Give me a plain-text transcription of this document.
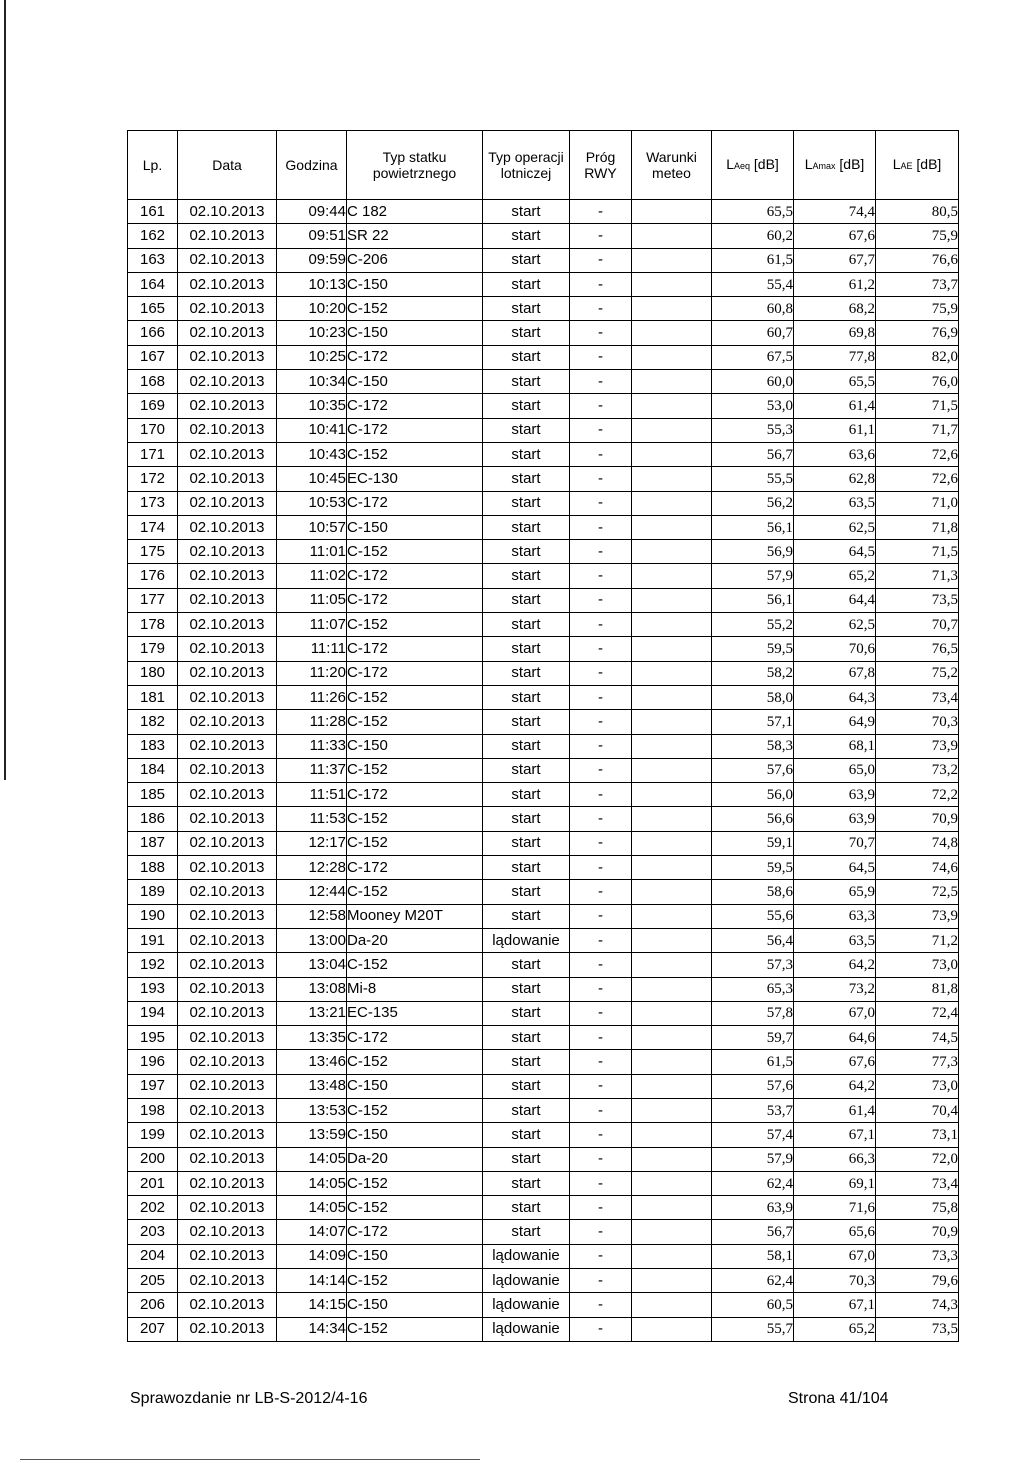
Lp.	Data	Godzina	Typ statku powietrznego	Typ operacji lotniczej	Próg RWY	Warunki meteo	LAeq [dB]	LAmax [dB]	LAE [dB]
161	02.10.2013	09:44	C 182	start	-		65,5	74,4	80,5
162	02.10.2013	09:51	SR 22	start	-		60,2	67,6	75,9
163	02.10.2013	09:59	C-206	start	-		61,5	67,7	76,6
164	02.10.2013	10:13	C-150	start	-		55,4	61,2	73,7
165	02.10.2013	10:20	C-152	start	-		60,8	68,2	75,9
166	02.10.2013	10:23	C-150	start	-		60,7	69,8	76,9
167	02.10.2013	10:25	C-172	start	-		67,5	77,8	82,0
168	02.10.2013	10:34	C-150	start	-		60,0	65,5	76,0
169	02.10.2013	10:35	C-172	start	-		53,0	61,4	71,5
170	02.10.2013	10:41	C-172	start	-		55,3	61,1	71,7
171	02.10.2013	10:43	C-152	start	-		56,7	63,6	72,6
172	02.10.2013	10:45	EC-130	start	-		55,5	62,8	72,6
173	02.10.2013	10:53	C-172	start	-		56,2	63,5	71,0
174	02.10.2013	10:57	C-150	start	-		56,1	62,5	71,8
175	02.10.2013	11:01	C-152	start	-		56,9	64,5	71,5
176	02.10.2013	11:02	C-172	start	-		57,9	65,2	71,3
177	02.10.2013	11:05	C-172	start	-		56,1	64,4	73,5
178	02.10.2013	11:07	C-152	start	-		55,2	62,5	70,7
179	02.10.2013	11:11	C-172	start	-		59,5	70,6	76,5
180	02.10.2013	11:20	C-172	start	-		58,2	67,8	75,2
181	02.10.2013	11:26	C-152	start	-		58,0	64,3	73,4
182	02.10.2013	11:28	C-152	start	-		57,1	64,9	70,3
183	02.10.2013	11:33	C-150	start	-		58,3	68,1	73,9
184	02.10.2013	11:37	C-152	start	-		57,6	65,0	73,2
185	02.10.2013	11:51	C-172	start	-		56,0	63,9	72,2
186	02.10.2013	11:53	C-152	start	-		56,6	63,9	70,9
187	02.10.2013	12:17	C-152	start	-		59,1	70,7	74,8
188	02.10.2013	12:28	C-172	start	-		59,5	64,5	74,6
189	02.10.2013	12:44	C-152	start	-		58,6	65,9	72,5
190	02.10.2013	12:58	Mooney M20T	start	-		55,6	63,3	73,9
191	02.10.2013	13:00	Da-20	lądowanie	-		56,4	63,5	71,2
192	02.10.2013	13:04	C-152	start	-		57,3	64,2	73,0
193	02.10.2013	13:08	Mi-8	start	-		65,3	73,2	81,8
194	02.10.2013	13:21	EC-135	start	-		57,8	67,0	72,4
195	02.10.2013	13:35	C-172	start	-		59,7	64,6	74,5
196	02.10.2013	13:46	C-152	start	-		61,5	67,6	77,3
197	02.10.2013	13:48	C-150	start	-		57,6	64,2	73,0
198	02.10.2013	13:53	C-152	start	-		53,7	61,4	70,4
199	02.10.2013	13:59	C-150	start	-		57,4	67,1	73,1
200	02.10.2013	14:05	Da-20	start	-		57,9	66,3	72,0
201	02.10.2013	14:05	C-152	start	-		62,4	69,1	73,4
202	02.10.2013	14:05	C-152	start	-		63,9	71,6	75,8
203	02.10.2013	14:07	C-172	start	-		56,7	65,6	70,9
204	02.10.2013	14:09	C-150	lądowanie	-		58,1	67,0	73,3
205	02.10.2013	14:14	C-152	lądowanie	-		62,4	70,3	79,6
206	02.10.2013	14:15	C-150	lądowanie	-		60,5	67,1	74,3
207	02.10.2013	14:34	C-152	lądowanie	-		55,7	65,2	73,5
Sprawozdanie nr LB-S-2012/4-16	Strona 41/104
